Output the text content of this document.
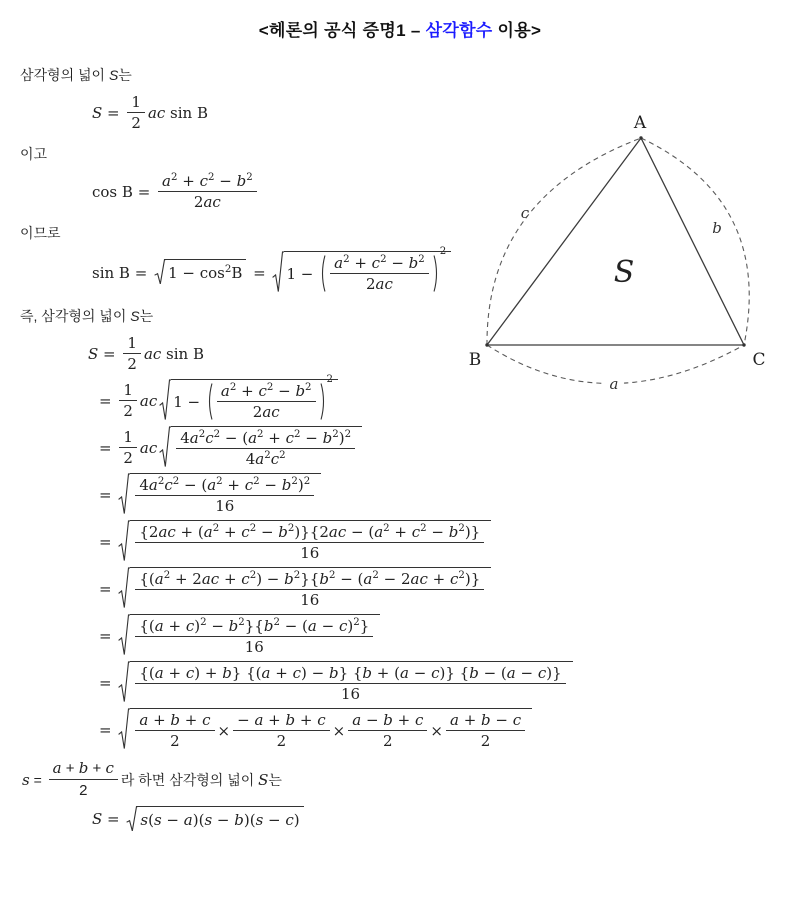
<헤론의 공식 증명1 – 삼각함수 이용>
삼각형의 넓이 S는
$S = \frac{1}{2}$ ac sin B
이고
$\cos B = \frac{a^2 + c^2 - b^2}{2ac}$
이므로
$\sin B = 1 - \cos^2B = 1 - \frac{a^2 + c^2 - b^2}{2ac}$
2
즉, 삼각형의 넓이 S는
$S = \frac{1}{2}$ ac sin B
= $\frac{1}{2}$ ac $1 - \frac{a^2 + c^2 - b^2}{2ac}$
2
= $\frac{1}{2}$ ac $\frac{4a^2c^2 - (a^2 + c^2 - b^2)^2}{4a^2c^2}$
= $\frac{4a^2c^2 - (a^2 + c^2 - b^2)^2}{16}$
= $\frac{\{2ac + (a^2 + c^2 - b^2)\}\{2ac - (a^2 + c^2 - b^2)\}}{16}$
= $\frac{\{(a^2 + 2ac + c^2) - b^2\}\{b^2 - (a^2 - 2ac + c^2)\}}{16}$
= $\frac{\{(a + c)^2 - b^2\}\{b^2 - (a - c)^2\}}{16}$
= $\frac{\{(a + c) + b\} \{(a + c) - b\} \{b + (a - c)\} \{b - (a - c)\}}{16}$
= $\frac{a + b + c}{2} \times \frac{- a + b + c}{2} \times \frac{a - b + c}{2} \times \frac{a + b - c}{2}$
$s = \frac{a + b + c}{2}$ 라 하면 삼각형의 넓이 S는
S = s(s − a)(s − b)(s − c)
A
B	C
S
c
b
a
